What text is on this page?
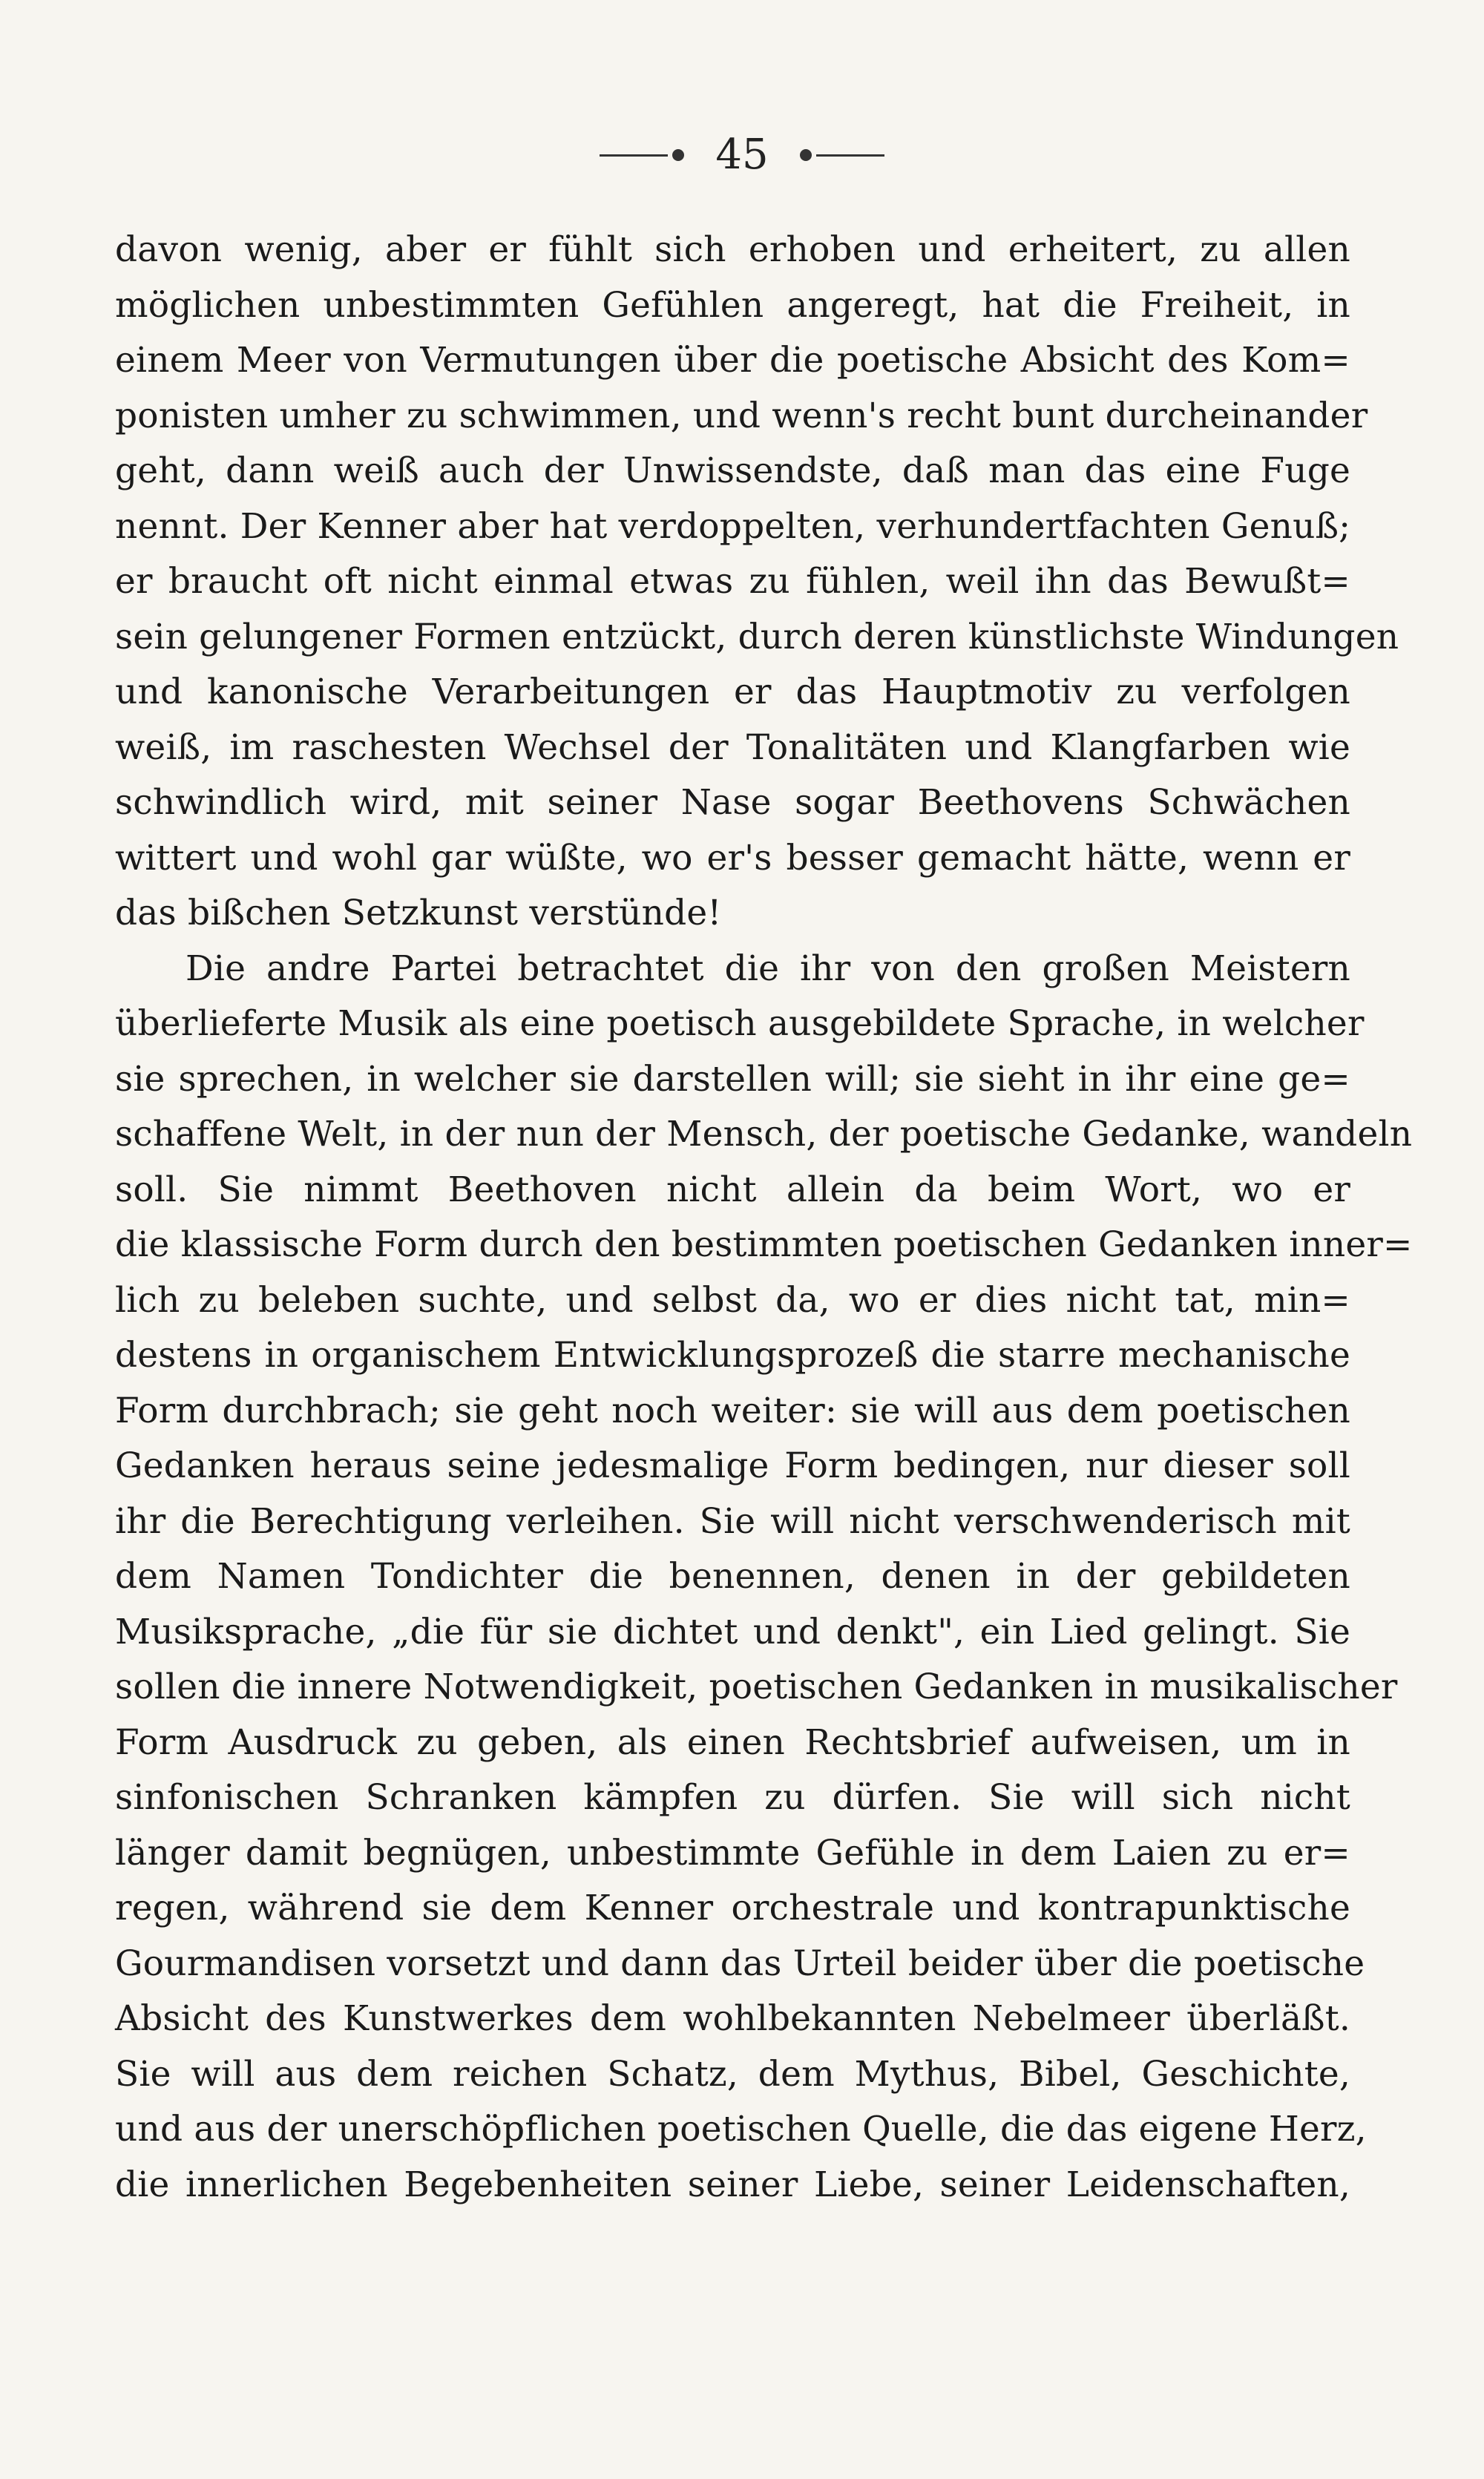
45
davon wenig, aber er fühlt sich erhoben und erheitert, zu allen
möglichen unbestimmten Gefühlen angeregt, hat die Freiheit, in
einem Meer von Vermutungen über die poetische Absicht des Kom=
ponisten umher zu schwimmen, und wenn's recht bunt durcheinander
geht, dann weiß auch der Unwissendste, daß man das eine Fuge
nennt. Der Kenner aber hat verdoppelten, verhundertfachten Genuß;
er braucht oft nicht einmal etwas zu fühlen, weil ihn das Bewußt=
sein gelungener Formen entzückt, durch deren künstlichste Windungen
und kanonische Verarbeitungen er das Hauptmotiv zu verfolgen
weiß, im raschesten Wechsel der Tonalitäten und Klangfarben wie
schwindlich wird, mit seiner Nase sogar Beethovens Schwächen
wittert und wohl gar wüßte, wo er's besser gemacht hätte, wenn er
das bißchen Setzkunst verstünde!
Die andre Partei betrachtet die ihr von den großen Meistern
überlieferte Musik als eine poetisch ausgebildete Sprache, in welcher
sie sprechen, in welcher sie darstellen will; sie sieht in ihr eine ge=
schaffene Welt, in der nun der Mensch, der poetische Gedanke, wandeln
soll. Sie nimmt Beethoven nicht allein da beim Wort, wo er
die klassische Form durch den bestimmten poetischen Gedanken inner=
lich zu beleben suchte, und selbst da, wo er dies nicht tat, min=
destens in organischem Entwicklungsprozeß die starre mechanische
Form durchbrach; sie geht noch weiter: sie will aus dem poetischen
Gedanken heraus seine jedesmalige Form bedingen, nur dieser soll
ihr die Berechtigung verleihen. Sie will nicht verschwenderisch mit
dem Namen Tondichter die benennen, denen in der gebildeten
Musiksprache, „die für sie dichtet und denkt", ein Lied gelingt. Sie
sollen die innere Notwendigkeit, poetischen Gedanken in musikalischer
Form Ausdruck zu geben, als einen Rechtsbrief aufweisen, um in
sinfonischen Schranken kämpfen zu dürfen. Sie will sich nicht
länger damit begnügen, unbestimmte Gefühle in dem Laien zu er=
regen, während sie dem Kenner orchestrale und kontrapunktische
Gourmandisen vorsetzt und dann das Urteil beider über die poetische
Absicht des Kunstwerkes dem wohlbekannten Nebelmeer überläßt.
Sie will aus dem reichen Schatz, dem Mythus, Bibel, Geschichte,
und aus der unerschöpflichen poetischen Quelle, die das eigene Herz,
die innerlichen Begebenheiten seiner Liebe, seiner Leidenschaften,
